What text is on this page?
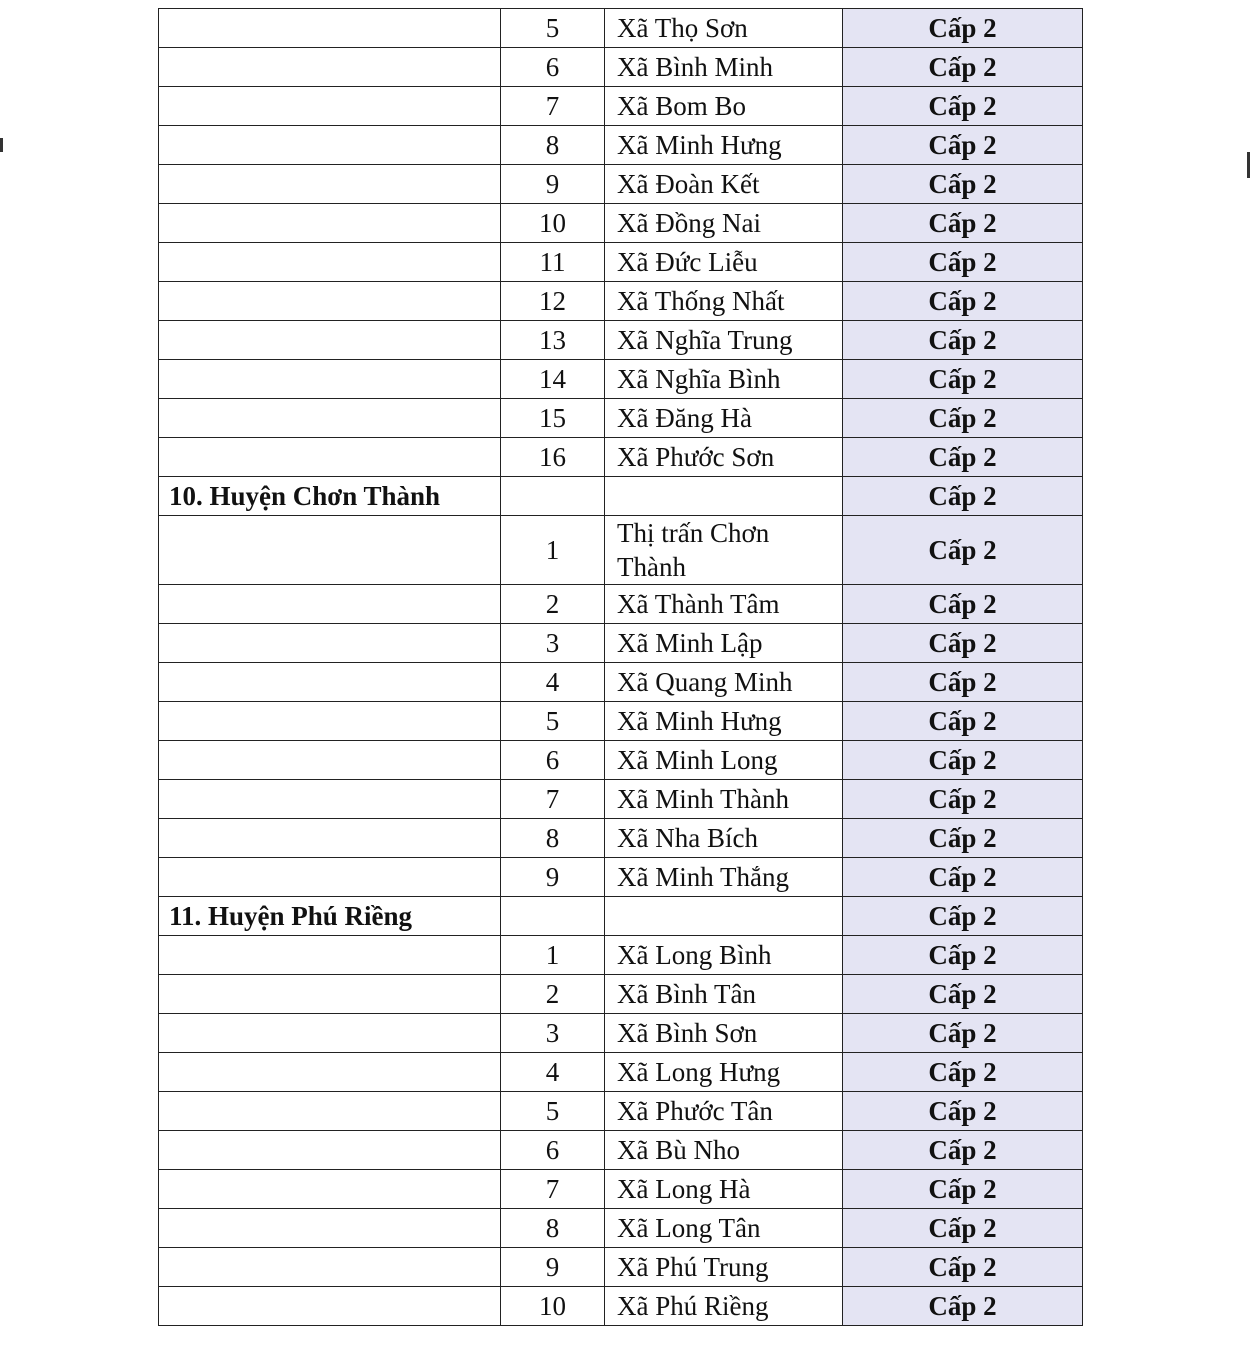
	5	Xã Thọ Sơn	Cấp 2
	6	Xã Bình Minh	Cấp 2
	7	Xã Bom Bo	Cấp 2
	8	Xã Minh Hưng	Cấp 2
	9	Xã Đoàn Kết	Cấp 2
	10	Xã Đồng Nai	Cấp 2
	11	Xã Đức Liễu	Cấp 2
	12	Xã Thống Nhất	Cấp 2
	13	Xã Nghĩa Trung	Cấp 2
	14	Xã Nghĩa Bình	Cấp 2
	15	Xã Đăng Hà	Cấp 2
	16	Xã Phước Sơn	Cấp 2
10. Huyện Chơn Thành			Cấp 2
	1	Thị trấn Chơn Thành	Cấp 2
	2	Xã Thành Tâm	Cấp 2
	3	Xã Minh Lập	Cấp 2
	4	Xã Quang Minh	Cấp 2
	5	Xã Minh Hưng	Cấp 2
	6	Xã Minh Long	Cấp 2
	7	Xã Minh Thành	Cấp 2
	8	Xã Nha Bích	Cấp 2
	9	Xã Minh Thắng	Cấp 2
11. Huyện Phú Riềng			Cấp 2
	1	Xã Long Bình	Cấp 2
	2	Xã Bình Tân	Cấp 2
	3	Xã Bình Sơn	Cấp 2
	4	Xã Long Hưng	Cấp 2
	5	Xã Phước Tân	Cấp 2
	6	Xã Bù Nho	Cấp 2
	7	Xã Long Hà	Cấp 2
	8	Xã Long Tân	Cấp 2
	9	Xã Phú Trung	Cấp 2
	10	Xã Phú Riềng	Cấp 2
